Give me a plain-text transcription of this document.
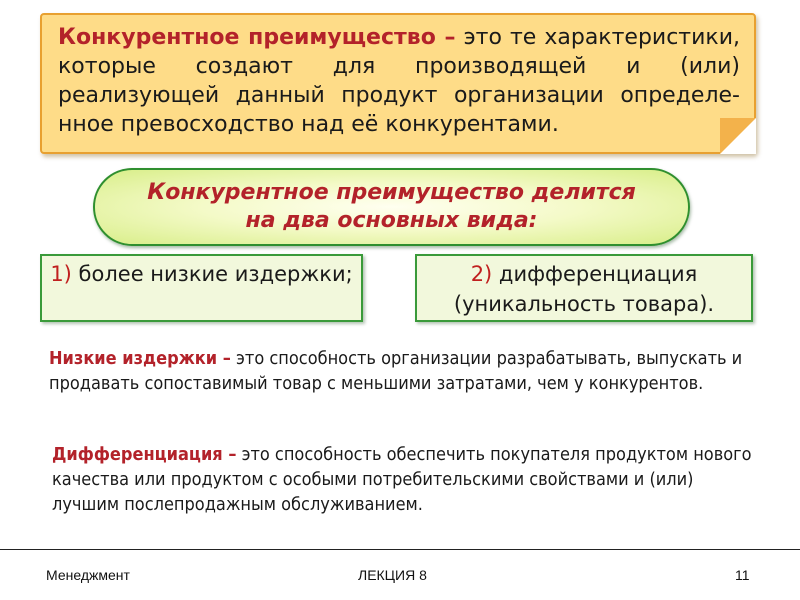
Конкурентное преимущество – это те характеристики, которые создают для производящей и (или) реализующей данный продукт организации определенное превосходство над её конкурентами.
Конкурентное преимущество делится
на два основных вида:
1) более низкие издержки;	2) дифференциация (уникальность товара).
Низкие издержки – это способность организации разрабатывать, выпускать и продавать сопоставимый товар с меньшими затратами, чем у конкурентов.
Дифференциация – это способность обеспечить покупателя продуктом нового качества или продуктом с особыми потребительскими свойствами и (или) лучшим послепродажным обслуживанием.
Менеджмент	ЛЕКЦИЯ 8	11
